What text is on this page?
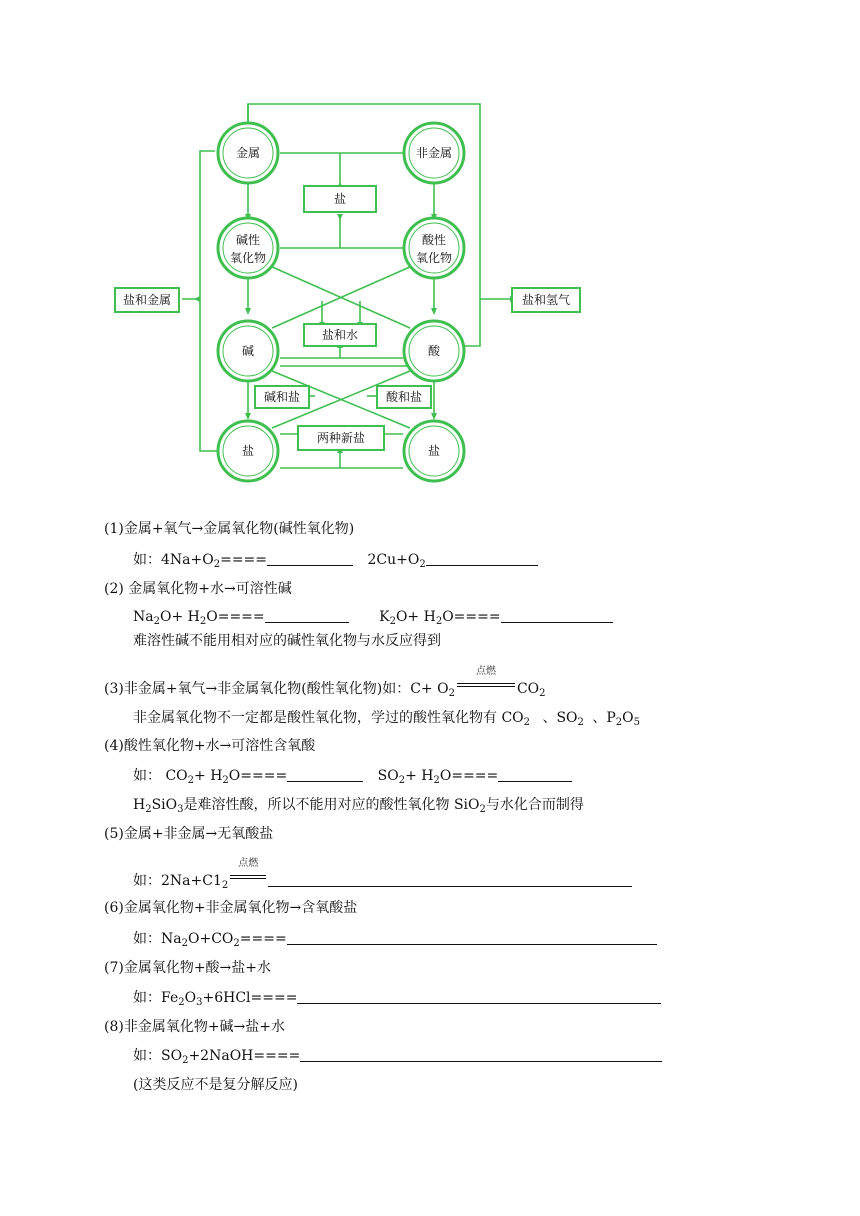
金属	非金属
碱性
氧化物
酸性
氧化物
碱	酸
盐	盐
盐
盐和水
碱和盐	酸和盐
两种新盐
盐和金属	盐和氢气
(1)金属+氧气→金属氧化物(碱性氧化物)
如：$4Na+O_2====$	$2Cu+O_2$
(2) 金属氧化物+水→可溶性碱
$Na_2O+ H_2O====$	$K_2O+ H_2O====$
难溶性碱不能用相对应的碱性氧化物与水反应得到
(3)非金属+氧气→非金属氧化物(酸性氧化物)如：$C+ O_2$
点燃
$CO_2$
非金属氧化物不一定都是酸性氧化物，学过的酸性氧化物有 $CO_2$ 、$SO_2$ 、$P_2O_5$
(4)酸性氧化物+水→可溶性含氧酸
如： $CO_2+ H_2O====$	$SO_2+ H_2O====$
$H_2SiO_3$是难溶性酸，所以不能用对应的酸性氧化物 SiO$_2$与水化合而制得
(5)金属+非金属→无氧酸盐
如：$2Na+C1_2$
点燃
(6)金属氧化物+非金属氧化物→含氧酸盐
如：$Na_2O+CO_2====$
(7)金属氧化物+酸→盐+水
如：$Fe_2O_3+6HCl====$
(8)非金属氧化物+碱→盐+水
如：$SO_2+2NaOH====$
(这类反应不是复分解反应)
